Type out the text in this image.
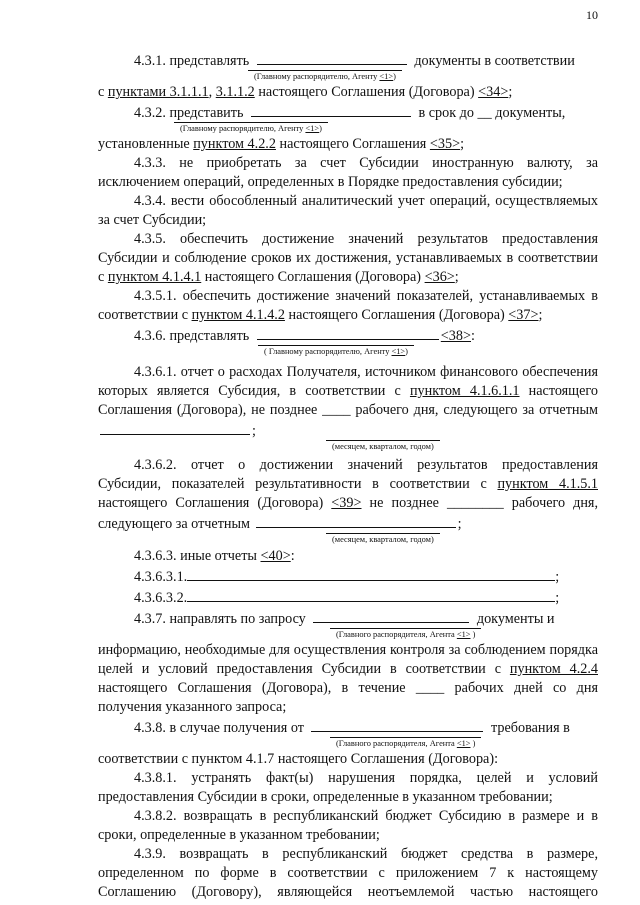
10

4.3.1. представлять	документы в соответствии

(Главному распорядителю, Агенту <1>)

с пунктами 3.1.1.1, 3.1.1.2 настоящего Соглашения (Договора) <34>;

4.3.2. представить	в срок до __ документы,

(Главному распорядителю, Агенту <1>)

установленные пунктом 4.2.2 настоящего Соглашения <35>;

4.3.3. не приобретать за счет Субсидии иностранную валюту, за исключением операций, определенных в Порядке предоставления субсидии;

4.3.4. вести обособленный аналитический учет операций, осуществляемых за счет Субсидии;

4.3.5. обеспечить достижение значений результатов предоставления Субсидии и соблюдение сроков их достижения, устанавливаемых в соответствии с пунктом 4.1.4.1 настоящего Соглашения (Договора) <36>;

4.3.5.1. обеспечить достижение значений показателей, устанавливаемых в соответствии с пунктом 4.1.4.2 настоящего Соглашения (Договора) <37>;

4.3.6. представлять	<38>:

( Главному распорядителю, Агенту <1>)

4.3.6.1. отчет о расходах Получателя, источником финансового обеспечения которых является Субсидия, в соответствии с пунктом 4.1.6.1.1 настоящего Соглашения (Договора), не позднее ____ рабочего дня, следующего за отчетным ;

(месяцем, кварталом, годом)

4.3.6.2. отчет о достижении значений результатов предоставления Субсидии, показателей результативности в соответствии с пунктом 4.1.5.1 настоящего Соглашения (Договора) <39> не позднее ________ рабочего дня, следующего за отчетным	;

(месяцем, кварталом, годом)

4.3.6.3. иные отчеты <40>:

4.3.6.3.1.	;

4.3.6.3.2.	;

4.3.7. направлять по запросу	документы и

(Главного распорядителя, Агента <1> )

информацию, необходимые для осуществления контроля за соблюдением порядка целей и условий предоставления Субсидии в соответствии с пунктом 4.2.4 настоящего Соглашения (Договора), в течение ____ рабочих дней со дня получения указанного запроса;

4.3.8. в случае получения от	требования в

(Главного распорядителя, Агента <1> )

соответствии с пунктом 4.1.7 настоящего Соглашения (Договора):

4.3.8.1. устранять факт(ы) нарушения порядка, целей и условий предоставления Субсидии в сроки, определенные в указанном требовании;

4.3.8.2. возвращать в республиканский бюджет Субсидию в размере и в сроки, определенные в указанном требовании;

4.3.9. возвращать в республиканский бюджет средства в размере, определенном по форме в соответствии с приложением 7 к настоящему Соглашению (Договору), являющейся неотъемлемой частью настоящего
